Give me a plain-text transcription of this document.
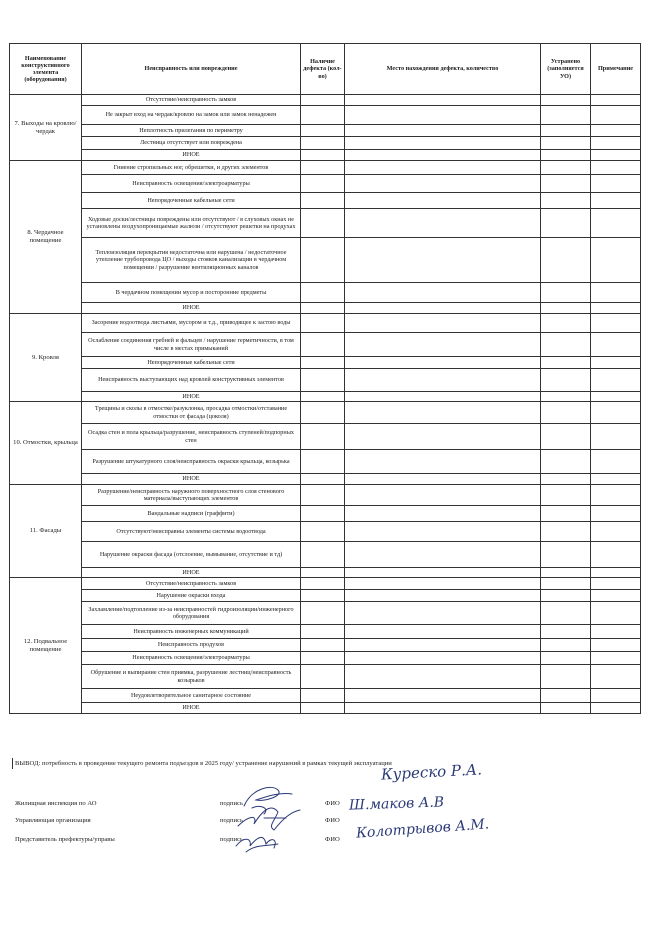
Наименование конструктивного элемента (оборудования)	Неисправность или повреждение	Наличие дефекта (кол-во)	Место нахождения дефекта, количество	Устранено (заполняется УО)	Примечание
7. Выходы на кровлю/чердак	Отсутствие/неисправность замков				
	Не закрыт вход на чердак/кровлю на замок или замок ненадежен				
	Неплотность прилегания по периметру				
	Лестница отсутствует или повреждена				
	ИНОЕ				
8. Чердачное помещение	Гниение стропильных ног, обрешетки, и других элементов				
	Неисправность освещения/электроарматуры				
	Непорядоченные кабельные сети				
	Ходовые доски/лестницы повреждены или отсутствуют / в слуховых окнах не установлены воздухопроницаемые жалюзи / отсутствуют решетки на продухах				
	Теплоизоляция перекрытия недостаточна или нарушена / недостаточное утепление трубопровода ЦО / выходы стояков канализации в чердачном помещении / разрушение вентиляционных каналов				
	В чердачном помещении мусор и посторонние предметы				
	ИНОЕ				
9. Кровля	Засорение водоотвода листьями, мусором и т.д., приводящее к застою воды				
	Ослабление соединения гребней и фальцев / нарушение герметичности, в том числе в местах примыканий				
	Непорядоченные кабельные сети				
	Неисправность выступающих над кровлей конструктивных элементов				
	ИНОЕ				
10. Отмостки, крыльца	Трещины и сколы в отмостке/разуклонка, просадка отмостки/отставание отмостки от фасада (цоколя)				
	Осадка стен и пола крыльца/разрушение, неисправность ступеней/подпорных стен				
	Разрушение штукатурного слоя/неисправность окраски крыльца, козырька				
	ИНОЕ				
11. Фасады	Разрушение/неисправность наружного поверхностного слоя стенового материала/выступающих элементов				
	Вандальные надписи (граффити)				
	Отсутствуют/неисправны элементы системы водоотвода				
	Нарушение окраски фасада (отслоение, вымывание, отсутствие и тд)				
	ИНОЕ				
12. Подвальное помещение	Отсутствие/неисправность замков				
	Нарушение окраски входа				
	Захламление/подтопление из-за неисправностей гидроизоляции/инженерного оборудования				
	Неисправность инженерных коммуникаций				
	Неисправность продухов				
	Неисправность освещения/электроарматуры				
	Обрушение и выпирание стен приямка, разрушение лестниц/неисправность козырьков				
	Неудовлетворительное санитарное состояние				
	ИНОЕ				
ВЫВОД: потребность в проведение текущего ремонта подъездов в 2025 году/ устранение нарушений в рамках текущей эксплуатации
Жилищная инспекция по АО	подпись	ФИО
Управляющая организация	подпись	ФИО
Представитель префектуры/управы	подпись	ФИО
Куреско Р.А.
Ш.маков А.В
Колотрывов А.М.
